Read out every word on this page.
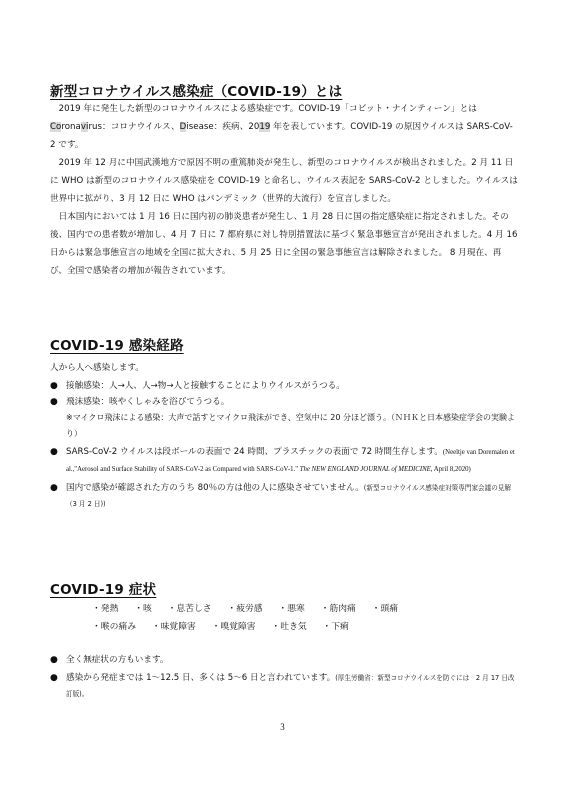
新型コロナウイルス感染症（COVID-19）とは

2019 年に発生した新型のコロナウイルスによる感染症です。COVID-19「コビット・ナインティーン」とは Coronavirus：コロナウイルス、Disease：疾病、2019 年を表しています。COVID-19 の原因ウイルスは SARS-CoV-2 です。

2019 年 12 月に中国武漢地方で原因不明の重篤肺炎が発生し、新型のコロナウイルスが検出されました。2 月 11 日に WHO は新型のコロナウイルス感染症を COVID-19 と命名し、ウイルス表記を SARS-CoV-2 としました。ウイルスは世界中に拡がり、3 月 12 日に WHO はパンデミック（世界的大流行）を宣言しました。

日本国内においては 1 月 16 日に国内初の肺炎患者が発生し、1 月 28 日に国の指定感染症に指定されました。その後、国内での患者数が増加し、4 月 7 日に 7 都府県に対し特別措置法に基づく緊急事態宣言が発出されました。4 月 16 日からは緊急事態宣言の地域を全国に拡大され、5 月 25 日に全国の緊急事態宣言は解除されました。 8 月現在、再び、全国で感染者の増加が報告されています。

COVID-19 感染経路
人から人へ感染します。
● 接触感染：人→人、人→物→人と接触することによりウイルスがうつる。
● 飛沫感染：咳やくしゃみを浴びてうつる。
※マイクロ飛沫による感染：大声で話すとマイクロ飛沫ができ、空気中に 20 分ほど漂う。（ＮＨＫと日本感染症学会の実験より）
● SARS-CoV-2 ウイルスは段ボールの表面で 24 時間、プラスチックの表面で 72 時間生存します。(Neeltje van Doremalen et al.,"Aerosol and Surface Stability of SARS-CoV-2 as Compared with SARS-CoV-1." The NEW ENGLAND JOURNAL of MEDICINE, April 8,2020)
● 国内で感染が確認された方のうち 80％の方は他の人に感染させていません。(新型コロナウイルス感染症対策専門家会議の見解（3 月 2 日))
COVID-19 症状
・発熱 ・咳 ・息苦しさ ・疲労感 ・悪寒 ・筋肉痛 ・頭痛
・喉の痛み ・味覚障害 ・嗅覚障害 ・吐き気 ・下痢
● 全く無症状の方もいます。
● 感染から発症までは 1～12.5 日、多くは 5～6 日と言われています。(厚生労働省：新型コロナウイルスを防ぐには　2 月 17 日改訂版)。
3
